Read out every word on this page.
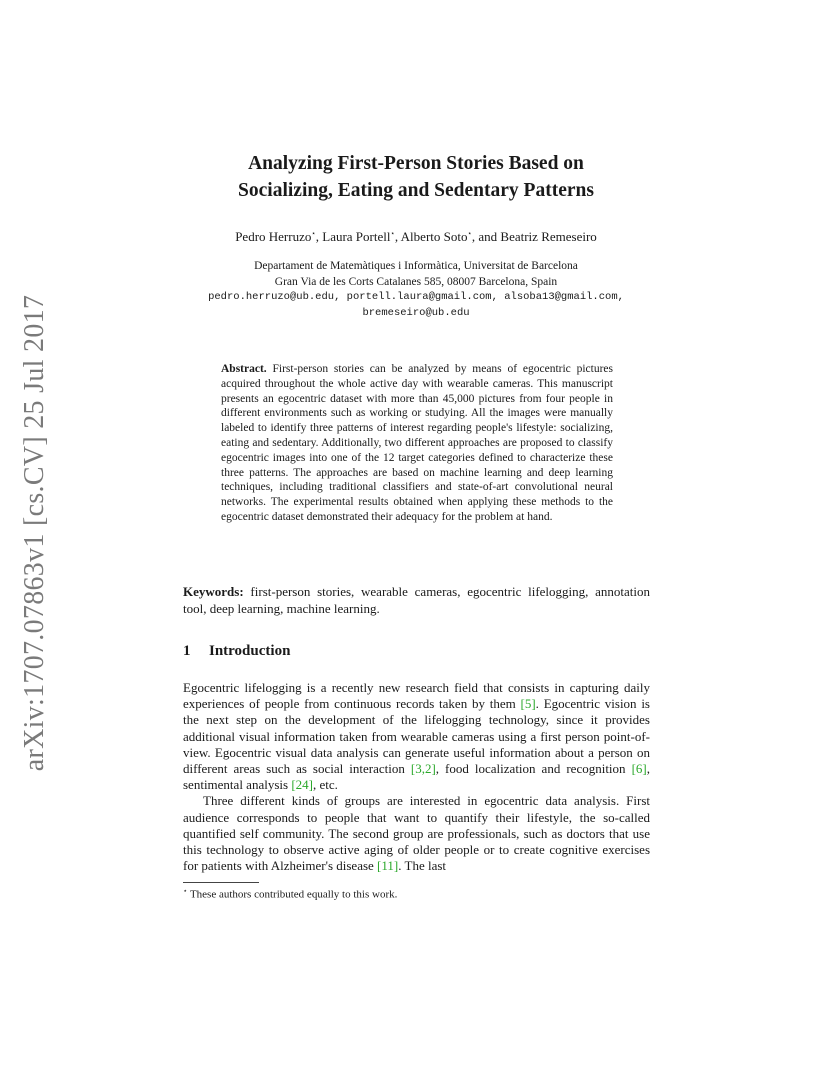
arXiv:1707.07863v1 [cs.CV] 25 Jul 2017
Analyzing First-Person Stories Based on
Socializing, Eating and Sedentary Patterns
Pedro Herruzo⋆, Laura Portell⋆, Alberto Soto⋆, and Beatriz Remeseiro
Departament de Matemàtiques i Informàtica, Universitat de Barcelona
Gran Via de les Corts Catalanes 585, 08007 Barcelona, Spain
pedro.herruzo@ub.edu, portell.laura@gmail.com, alsoba13@gmail.com,
bremeseiro@ub.edu
Abstract. First-person stories can be analyzed by means of egocentric pictures acquired throughout the whole active day with wearable cameras. This manuscript presents an egocentric dataset with more than 45,000 pictures from four people in different environments such as working or studying. All the images were manually labeled to identify three patterns of interest regarding people's lifestyle: socializing, eating and sedentary. Additionally, two different approaches are proposed to classify egocentric images into one of the 12 target categories defined to characterize these three patterns. The approaches are based on machine learning and deep learning techniques, including traditional classifiers and state-of-art convolutional neural networks. The experimental results obtained when applying these methods to the egocentric dataset demonstrated their adequacy for the problem at hand.
Keywords: first-person stories, wearable cameras, egocentric lifelogging, annotation tool, deep learning, machine learning.
1 Introduction

Egocentric lifelogging is a recently new research field that consists in capturing daily experiences of people from continuous records taken by them [5]. Egocentric vision is the next step on the development of the lifelogging technology, since it provides additional visual information taken from wearable cameras using a first person point-of-view. Egocentric visual data analysis can generate useful information about a person on different areas such as social interaction [3,2], food localization and recognition [6], sentimental analysis [24], etc.

Three different kinds of groups are interested in egocentric data analysis. First audience corresponds to people that want to quantify their lifestyle, the so-called quantified self community. The second group are professionals, such as doctors that use this technology to observe active aging of older people or to create cognitive exercises for patients with Alzheimer's disease [11]. The last

⋆ These authors contributed equally to this work.
